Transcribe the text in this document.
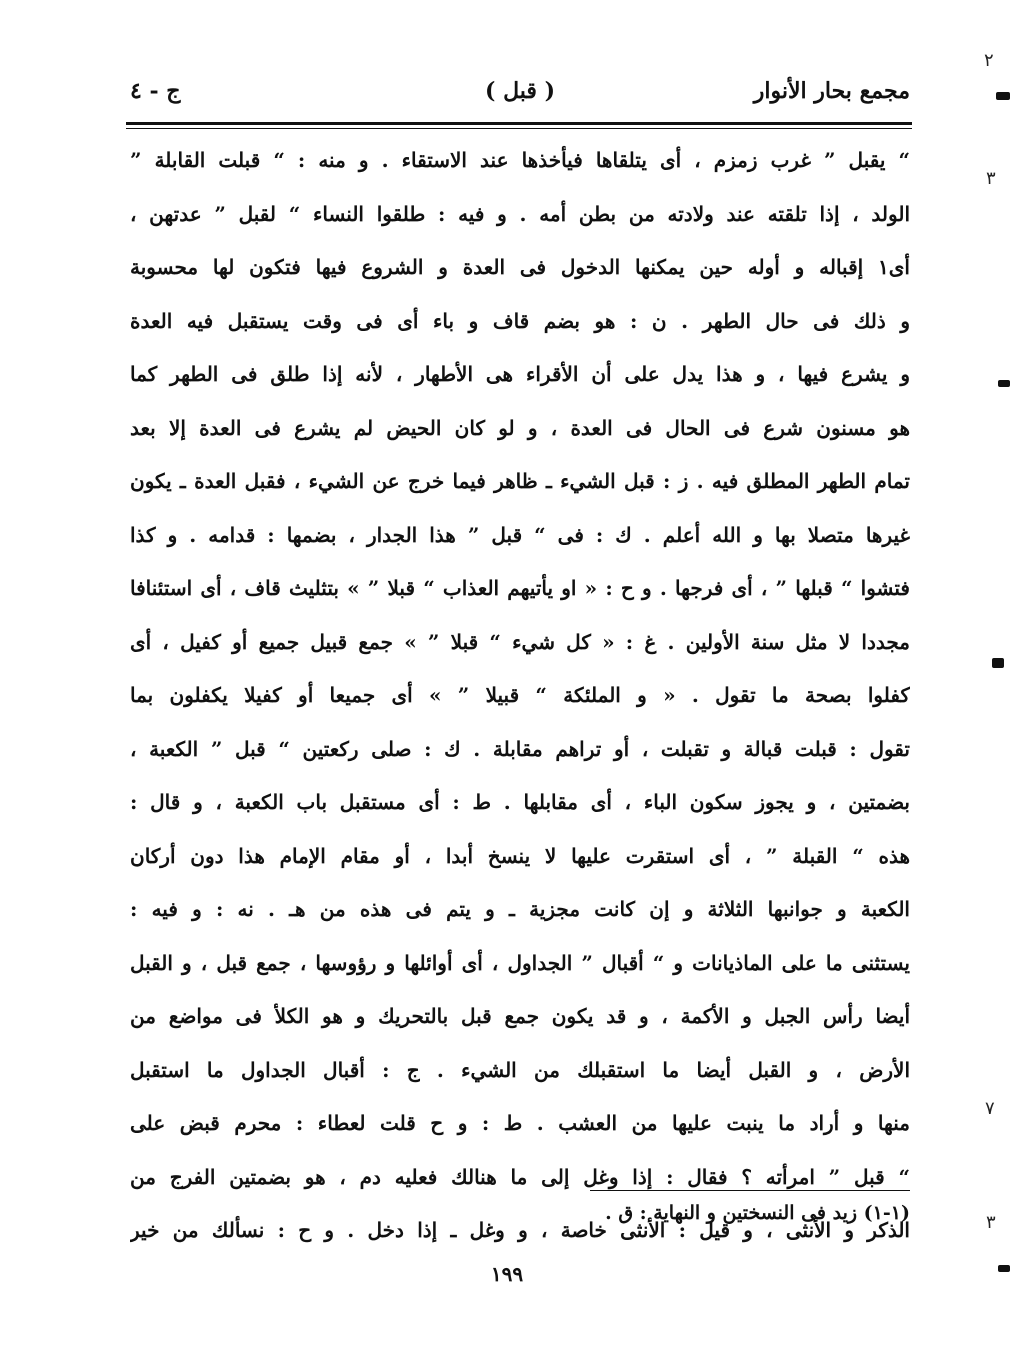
مجمع بحار الأنوار
( قبل )
ج - ٤
“ يقبل ” غرب زمزم ، أى يتلقاها فيأخذها عند الاستقاء . و منه : “ قبلت القابلة ”
الولد ، إذا تلقته عند ولادته من بطن أمه . و فيه : طلقوا النساء “ لقبل ” عدتهن ،
أى١ إقباله و أوله حين يمكنها الدخول فى العدة و الشروع فيها فتكون لها محسوبة
و ذلك فى حال الطهر . ن : هو بضم قاف و باء أى فى وقت يستقبل فيه العدة
و يشرع فيها ، و هذا يدل على أن الأقراء هى الأطهار ، لأنه إذا طلق فى الطهر كما
هو مسنون شرع فى الحال فى العدة ، و لو كان الحيض لم يشرع فى العدة إلا بعد
تمام الطهر المطلق فيه . ز : قبل الشيء ـ ظاهر فيما خرج عن الشيء ، فقبل العدة ـ يكون
غيرها متصلا بها و الله أعلم . ك : فى “ قبل ” هذا الجدار ، بضمها : قدامه . و كذا
فتشوا “ قبلها ” ، أى فرجها . و ح : « او يأتيهم العذاب “ قبلا ” » بتثليث قاف ، أى استئنافا
مجددا لا مثل سنة الأولين . غ : « كل شيء “ قبلا ” » جمع قبيل جميع أو كفيل ، أى
كفلوا بصحة ما تقول . « و الملئكة “ قبيلا ” » أى جميعا أو كفيلا يكفلون بما
تقول : قبلت قبالة و تقبلت ، أو تراهم مقابلة . ك : صلى ركعتين “ قبل ” الكعبة ،
بضمتين ، و يجوز سكون الباء ، أى مقابلها . ط : أى مستقبل باب الكعبة ، و قال :
هذه “ القبلة ” ، أى استقرت عليها لا ينسخ أبدا ، أو مقام الإمام هذا دون أركان
الكعبة و جوانبها الثلاثة و إن كانت مجزية ـ و يتم فى هذه من هـ . نه : و فيه :
يستثنى ما على الماذيانات و “ أقبال ” الجداول ، أى أوائلها و رؤوسها ، جمع قبل ، و القبل
أيضا رأس الجبل و الأكمة ، و قد يكون جمع قبل بالتحريك و هو الكلأ فى مواضع من
الأرض ، و القبل أيضا ما استقبلك من الشيء . ج : أقبال الجداول ما استقبل
منها و أراد ما ينبت عليها من العشب . ط : و ح قلت لعطاء : محرم قبض على
“ قبل ” امرأته ؟ فقال : إذا وغل إلى ما هنالك فعليه دم ، هو بضمتين الفرج من
الذكر و الأنثى ، و قيل : الأنثى خاصة ، و وغل ـ إذا دخل . و ح : نسألك من خير
(١-١) زيد فى النسختين و النهاية : ق .
١٩٩
٢
٣
٧
٣
